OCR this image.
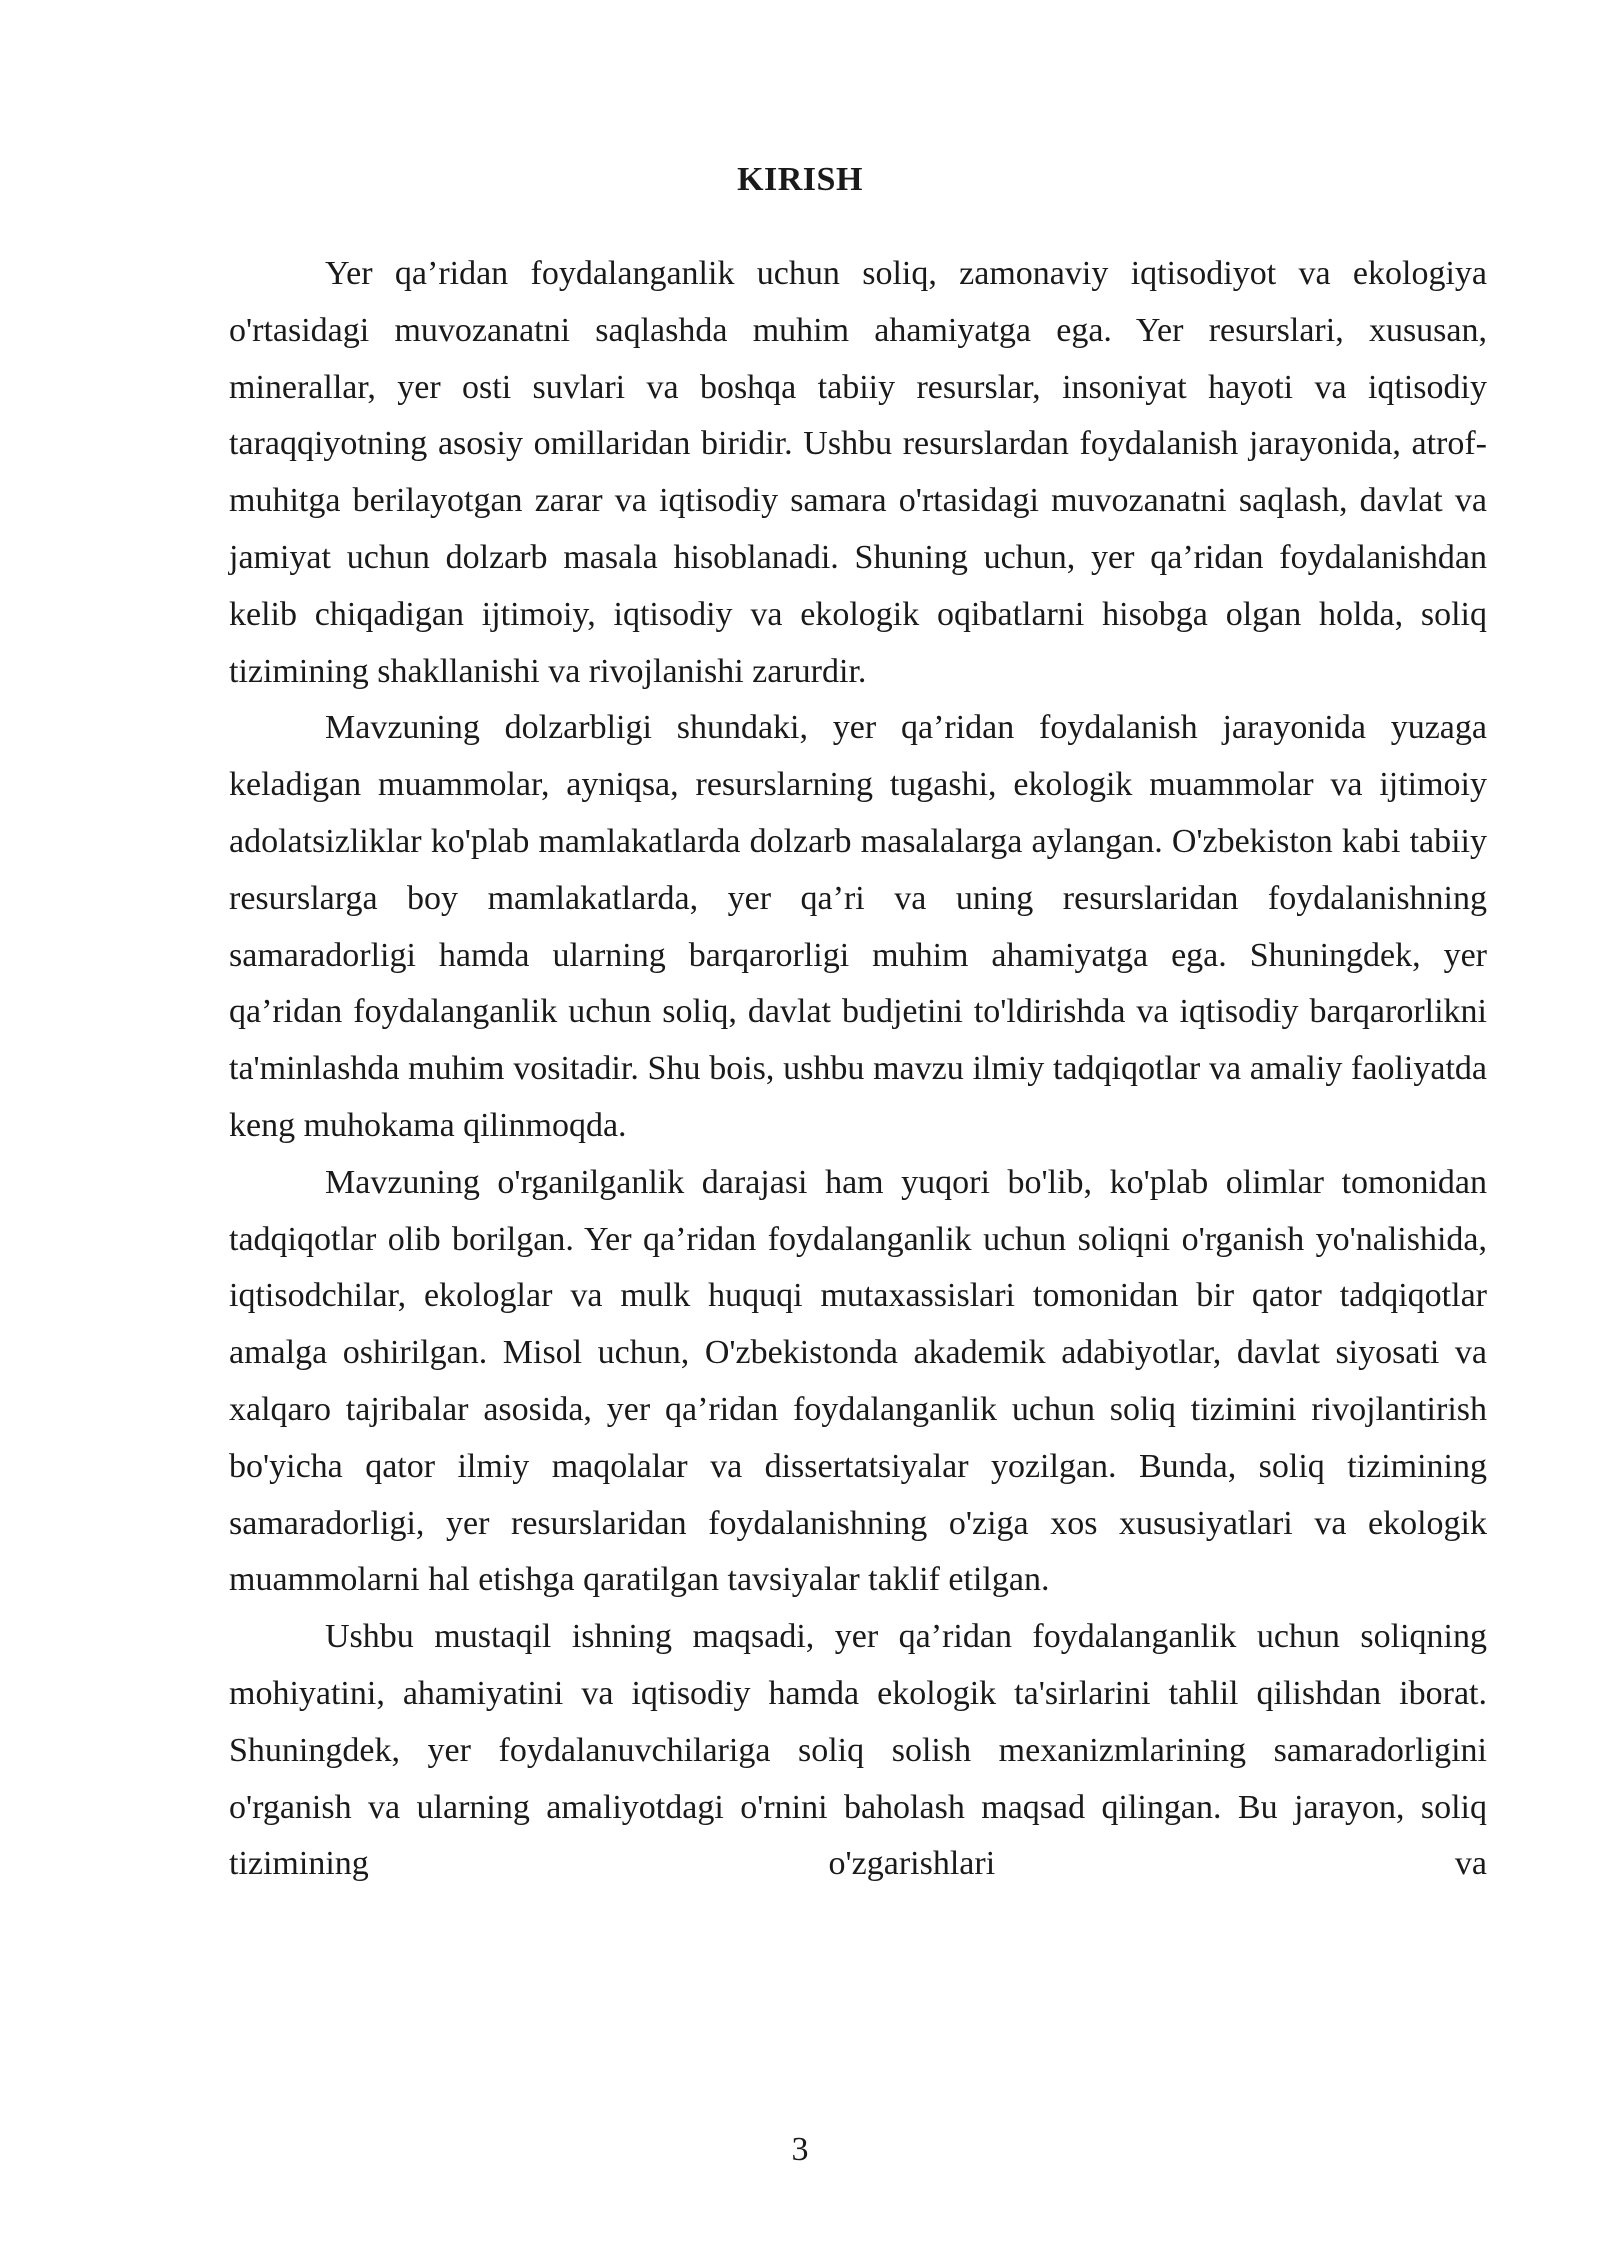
KIRISH

Yer qa’ridan foydalanganlik uchun soliq, zamonaviy iqtisodiyot va ekologiya o'rtasidagi muvozanatni saqlashda muhim ahamiyatga ega. Yer resurslari, xususan, minerallar, yer osti suvlari va boshqa tabiiy resurslar, insoniyat hayoti va iqtisodiy taraqqiyotning asosiy omillaridan biridir. Ushbu resurslardan foydalanish jarayonida, atrof-muhitga berilayotgan zarar va iqtisodiy samara o'rtasidagi muvozanatni saqlash, davlat va jamiyat uchun dolzarb masala hisoblanadi. Shuning uchun, yer qa’ridan foydalanishdan kelib chiqadigan ijtimoiy, iqtisodiy va ekologik oqibatlarni hisobga olgan holda, soliq tizimining shakllanishi va rivojlanishi zarurdir.

Mavzuning dolzarbligi shundaki, yer qa’ridan foydalanish jarayonida yuzaga keladigan muammolar, ayniqsa, resurslarning tugashi, ekologik muammolar va ijtimoiy adolatsizliklar ko'plab mamlakatlarda dolzarb masalalarga aylangan. O'zbekiston kabi tabiiy resurslarga boy mamlakatlarda, yer qa’ri va uning resurslaridan foydalanishning samaradorligi hamda ularning barqarorligi muhim ahamiyatga ega. Shuningdek, yer qa’ridan foydalanganlik uchun soliq, davlat budjetini to'ldirishda va iqtisodiy barqarorlikni ta'minlashda muhim vositadir. Shu bois, ushbu mavzu ilmiy tadqiqotlar va amaliy faoliyatda keng muhokama qilinmoqda.

Mavzuning o'rganilganlik darajasi ham yuqori bo'lib, ko'plab olimlar tomonidan tadqiqotlar olib borilgan. Yer qa’ridan foydalanganlik uchun soliqni o'rganish yo'nalishida, iqtisodchilar, ekologlar va mulk huquqi mutaxassislari tomonidan bir qator tadqiqotlar amalga oshirilgan. Misol uchun, O'zbekistonda akademik adabiyotlar, davlat siyosati va xalqaro tajribalar asosida, yer qa’ridan foydalanganlik uchun soliq tizimini rivojlantirish bo'yicha qator ilmiy maqolalar va dissertatsiyalar yozilgan. Bunda, soliq tizimining samaradorligi, yer resurslaridan foydalanishning o'ziga xos xususiyatlari va ekologik muammolarni hal etishga qaratilgan tavsiyalar taklif etilgan.

Ushbu mustaqil ishning maqsadi, yer qa’ridan foydalanganlik uchun soliqning mohiyatini, ahamiyatini va iqtisodiy hamda ekologik ta'sirlarini tahlil qilishdan iborat. Shuningdek, yer foydalanuvchilariga soliq solish mexanizmlarining samaradorligini o'rganish va ularning amaliyotdagi o'rnini baholash maqsad qilingan. Bu jarayon, soliq tizimining o'zgarishlari va

3
